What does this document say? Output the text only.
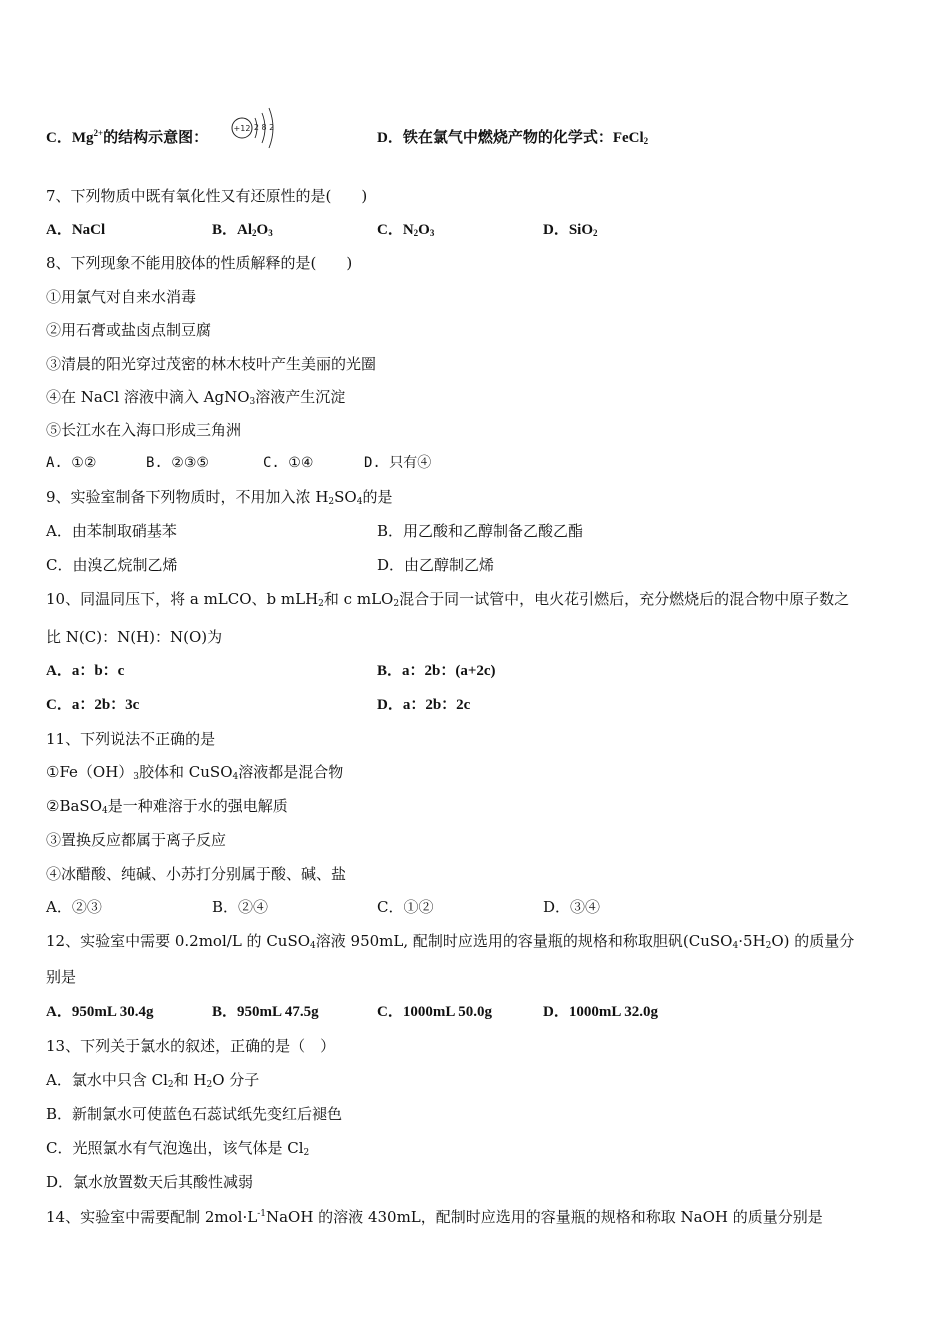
C．$Mg^{2+}$的结构示意图：
+12 2 8 2
D．铁在氯气中燃烧产物的化学式：FeCl$_2$
7、下列物质中既有氧化性又有还原性的是(　　)
A．NaCl	B．$Al_2O_3$	C．$N_2O_3$	D．SiO$_2$
8、下列现象不能用胶体的性质解释的是(　　)
①用氯气对自来水消毒
②用石膏或盐卤点制豆腐
③清晨的阳光穿过茂密的林木枝叶产生美丽的光圈
④在 NaCl 溶液中滴入 AgNO$_3$溶液产生沉淀
⑤长江水在入海口形成三角洲
A. ①②	B. ②③⑤	C. ①④	D. 只有④
9、实验室制备下列物质时，不用加入浓 $H_2SO_4$的是
A．由苯制取硝基苯	B．用乙酸和乙醇制备乙酸乙酯
C．由溴乙烷制乙烯	D．由乙醇制乙烯
10、同温同压下，将 a mLCO、b mLH$_2$和 c mLO$_2$混合于同一试管中，电火花引燃后，充分燃烧后的混合物中原子数之
比 N(C)：N(H)：N(O)为
A．a：b：c	B．a：2b：(a+2c)
C．a：2b：3c	D．a：2b：2c
11、下列说法不正确的是
$①Fe(OH)_3$胶体和 CuSO$_4$溶液都是混合物
②BaSO$_4$是一种难溶于水的强电解质
③置换反应都属于离子反应
④冰醋酸、纯碱、小苏打分别属于酸、碱、盐
A．②③	B．②④	C．①②	D．③④
12、实验室中需要 0.2mol/L 的 CuSO$_4$溶液 950mL, 配制时应选用的容量瓶的规格和称取胆矾$(CuSO_4\cdot 5H_2O)$ 的质量分
别是
A．950mL 30.4g	B．950mL 47.5g	C．1000mL 50.0g	D．1000mL 32.0g
13、下列关于氯水的叙述，正确的是（　）
A．氯水中只含 $Cl_2$和 $H_2O$ 分子
B．新制氯水可使蓝色石蕊试纸先变红后褪色
C．光照氯水有气泡逸出，该气体是 $Cl_2$
D．氯水放置数天后其酸性减弱
14、实验室中需要配制 $2mol\cdot L^{-1}NaOH$ 的溶液 430mL，配制时应选用的容量瓶的规格和称取 NaOH 的质量分别是
